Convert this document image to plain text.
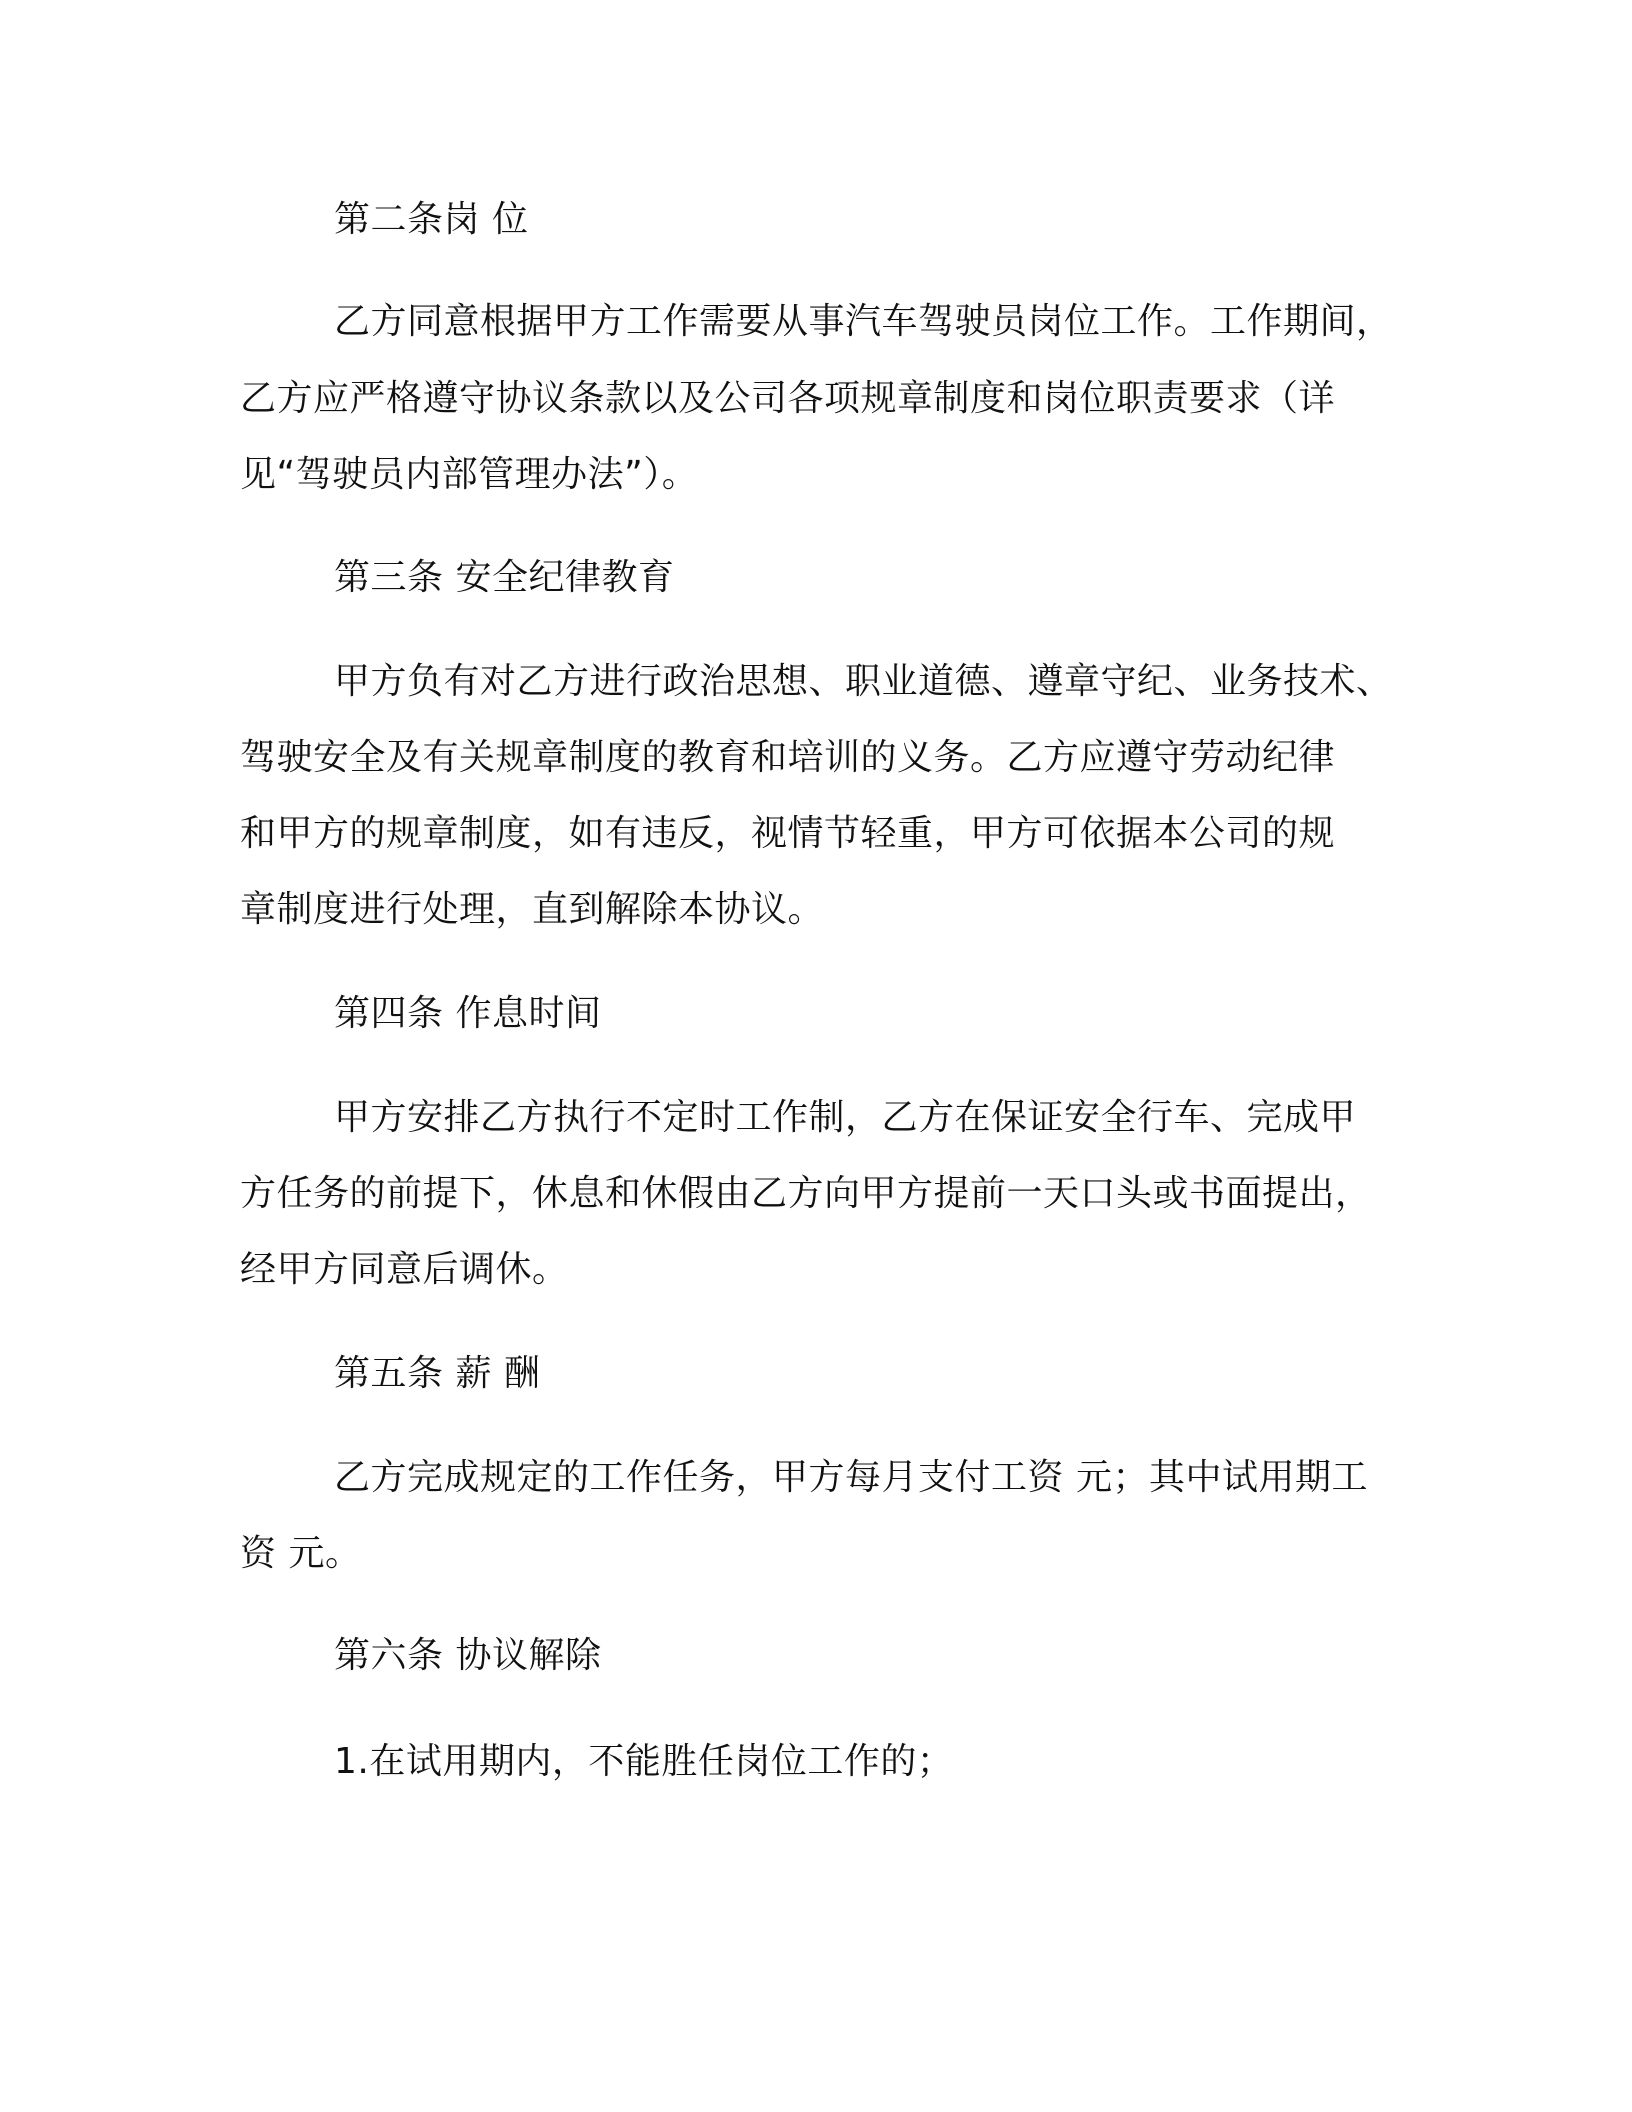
第二条岗 位
乙方同意根据甲方工作需要从事汽车驾驶员岗位工作。工作期间，
乙方应严格遵守协议条款以及公司各项规章制度和岗位职责要求（详
见“驾驶员内部管理办法”）。
第三条 安全纪律教育
甲方负有对乙方进行政治思想、职业道德、遵章守纪、业务技术、
驾驶安全及有关规章制度的教育和培训的义务。乙方应遵守劳动纪律
和甲方的规章制度，如有违反，视情节轻重，甲方可依据本公司的规
章制度进行处理，直到解除本协议。
第四条 作息时间
甲方安排乙方执行不定时工作制，乙方在保证安全行车、完成甲
方任务的前提下，休息和休假由乙方向甲方提前一天口头或书面提出，
经甲方同意后调休。
第五条 薪 酬
乙方完成规定的工作任务，甲方每月支付工资 元；其中试用期工
资 元。
第六条 协议解除
1.在试用期内，不能胜任岗位工作的；
